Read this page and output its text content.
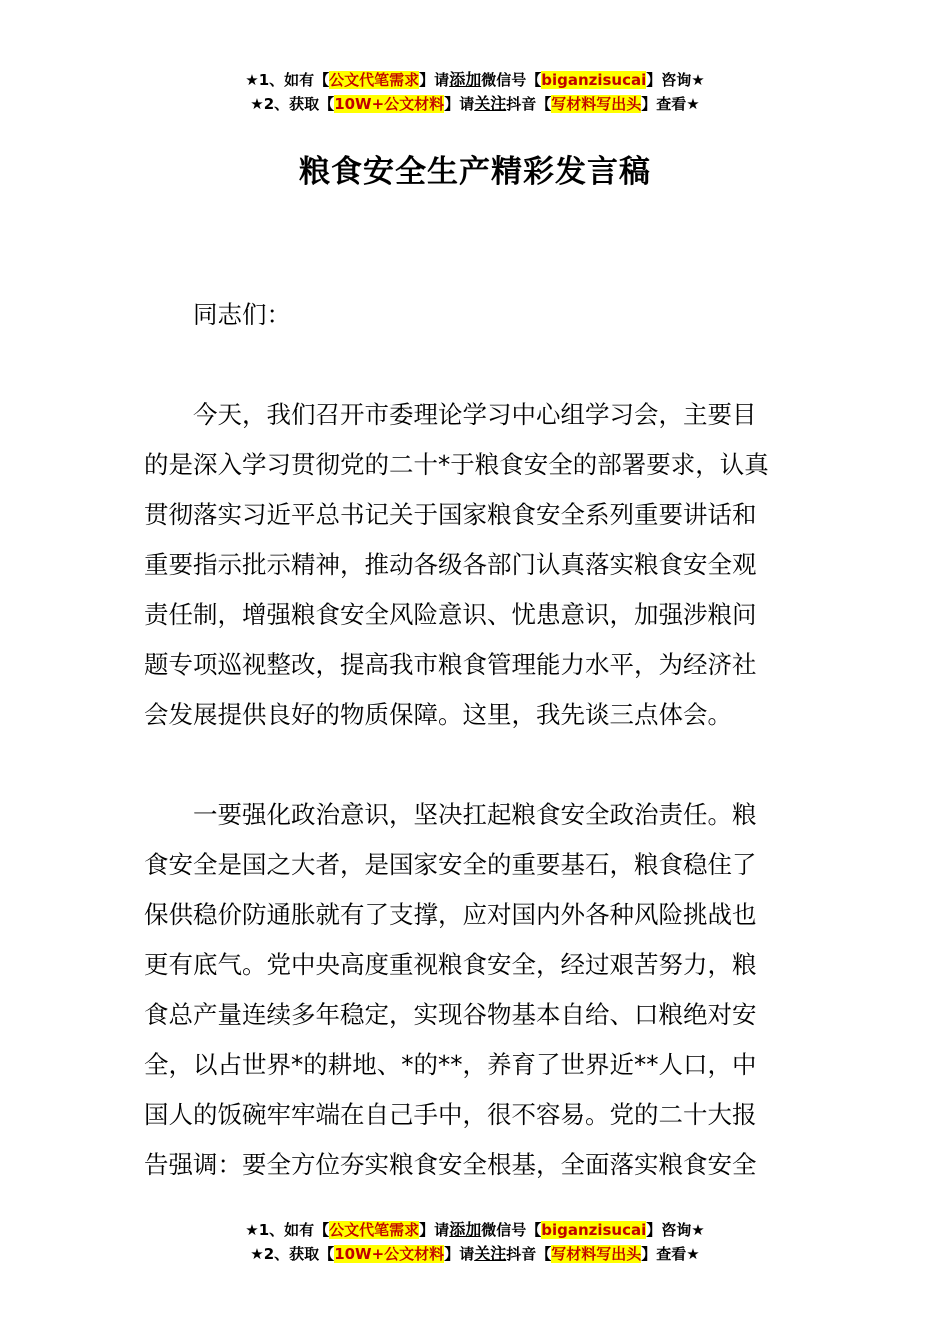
★1、如有【公文代笔需求】请添加微信号【biganzisucai】咨询★
★2、获取【10W+公文材料】请关注抖音【写材料写出头】查看★
粮食安全生产精彩发言稿

同志们：

今天，我们召开市委理论学习中心组学习会，主要目
的是深入学习贯彻党的二十*于粮食安全的部署要求，认真
贯彻落实习近平总书记关于国家粮食安全系列重要讲话和
重要指示批示精神，推动各级各部门认真落实粮食安全观
责任制，增强粮食安全风险意识、忧患意识，加强涉粮问
题专项巡视整改，提高我市粮食管理能力水平，为经济社
会发展提供良好的物质保障。这里，我先谈三点体会。

一要强化政治意识，坚决扛起粮食安全政治责任。粮
食安全是国之大者，是国家安全的重要基石，粮食稳住了
保供稳价防通胀就有了支撑，应对国内外各种风险挑战也
更有底气。党中央高度重视粮食安全，经过艰苦努力，粮
食总产量连续多年稳定，实现谷物基本自给、口粮绝对安
全，以占世界*的耕地、*的**，养育了世界近**人口，中
国人的饭碗牢牢端在自己手中，很不容易。党的二十大报
告强调：要全方位夯实粮食安全根基，全面落实粮食安全

★1、如有【公文代笔需求】请添加微信号【biganzisucai】咨询★
★2、获取【10W+公文材料】请关注抖音【写材料写出头】查看★
